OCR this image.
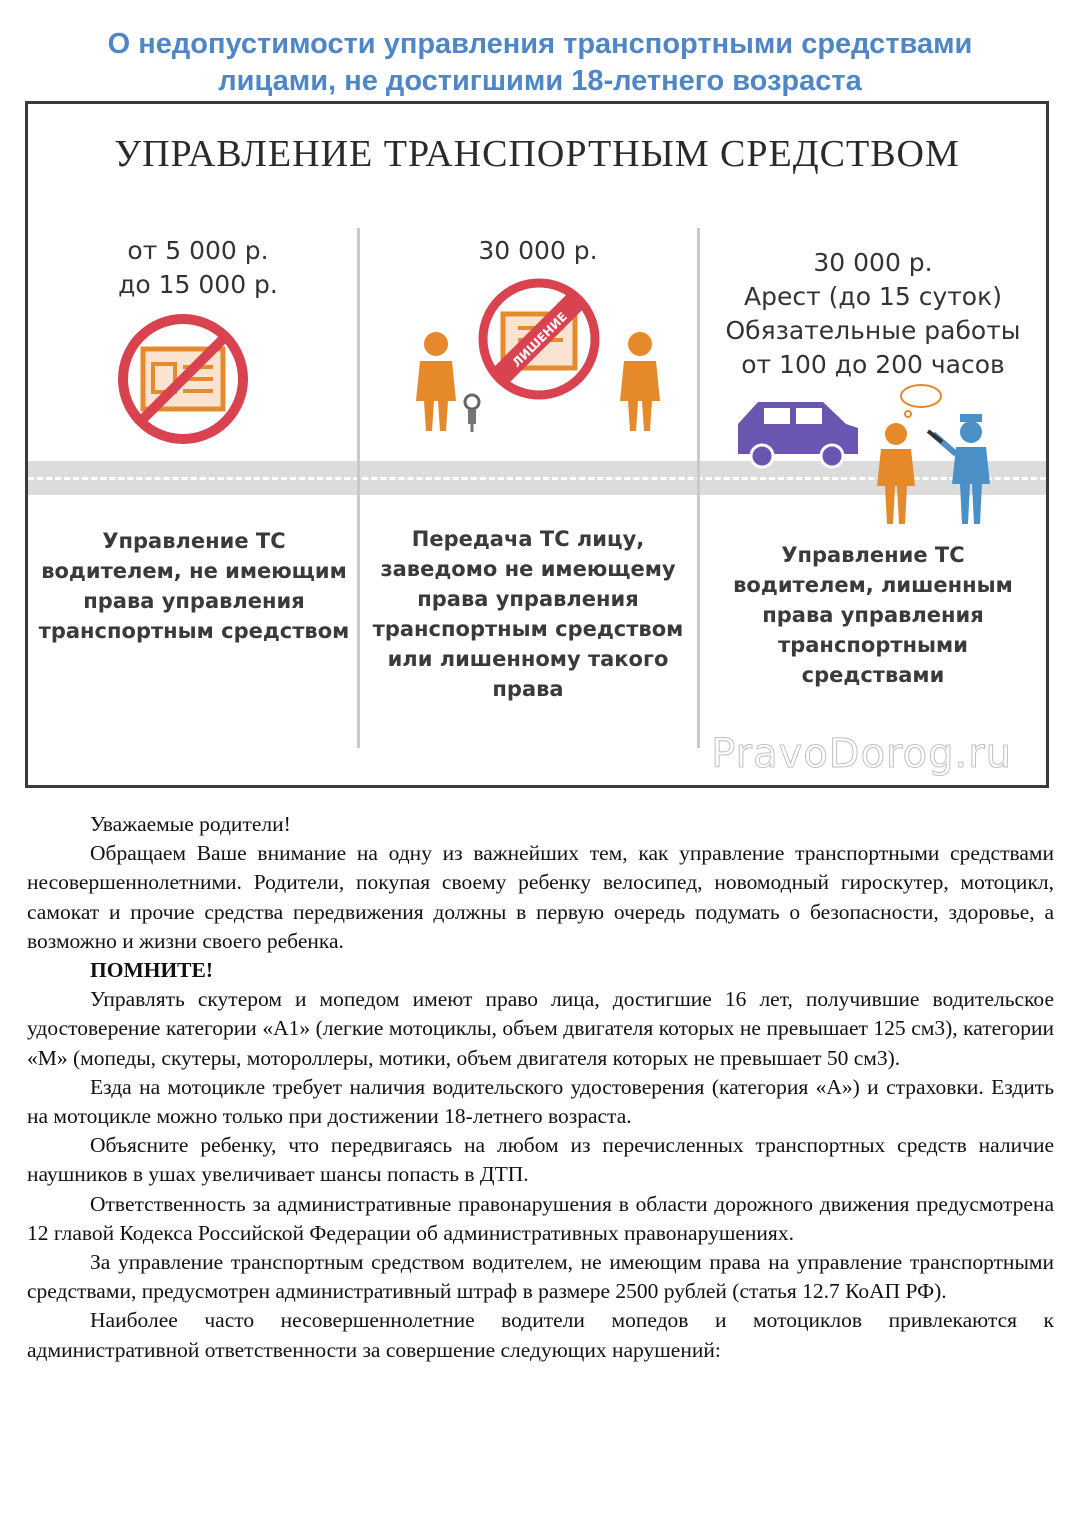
О недопустимости управления транспортными средствами
лицами, не достигшими 18-летнего возраста
УПРАВЛЕНИЕ ТРАНСПОРТНЫМ СРЕДСТВОМ
от 5 000 р.
до 15 000 р.
Управление ТС
водителем, не имеющим
права управления
транспортным средством
30 000 р.
ЛИШЕНИЕ
Передача ТС лицу,
заведомо не имеющему
права управления
транспортным средством
или лишенному такого
права
30 000 р.
Арест (до 15 суток)
Обязательные работы
от 100 до 200 часов
Управление ТС
водителем, лишенным
права управления
транспортными
средствами
PravoDorog.ru

Уважаемые родители!

Обращаем Ваше внимание на одну из важнейших тем, как управление транспортными средствами несовершеннолетними. Родители, покупая своему ребенку велосипед, новомодный гироскутер, мотоцикл, самокат и прочие средства передвижения должны в первую очередь подумать о безопасности, здоровье, а возможно и жизни своего ребенка.

ПОМНИТЕ!

Управлять скутером и мопедом имеют право лица, достигшие 16 лет, получившие водительское удостоверение категории «А1» (легкие мотоциклы, объем двигателя которых не превышает 125 см3), категории «М» (мопеды, скутеры, мотороллеры, мотики, объем двигателя которых не превышает 50 см3).

Езда на мотоцикле требует наличия водительского удостоверения (категория «А») и страховки. Ездить на мотоцикле можно только при достижении 18-летнего возраста.

Объясните ребенку, что передвигаясь на любом из перечисленных транспортных средств наличие наушников в ушах увеличивает шансы попасть в ДТП.

Ответственность за административные правонарушения в области дорожного движения предусмотрена 12 главой Кодекса Российской Федерации об административных правонарушениях.

За управление транспортным средством водителем, не имеющим права на управление транспортными средствами, предусмотрен административный штраф в размере 2500 рублей (статья 12.7 КоАП РФ).

Наиболее часто несовершеннолетние водители мопедов и мотоциклов привлекаются к административной ответственности за совершение следующих нарушений:
